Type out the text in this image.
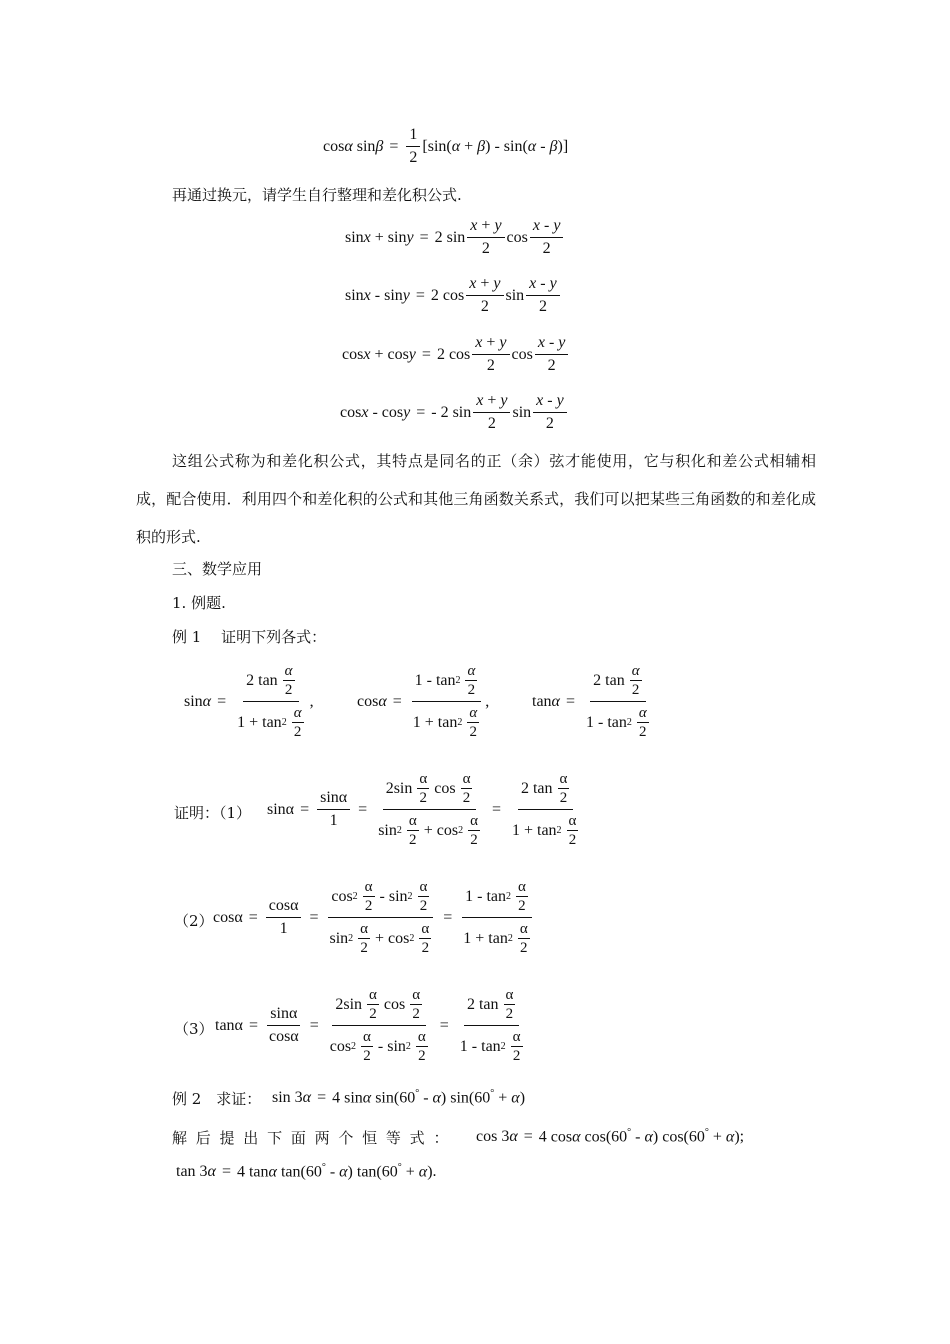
cosα $\sin\beta = \frac{1}{2} [\sin(\alpha + \beta) - \sin(\alpha - \beta)]$
再通过换元，请学生自行整理和差化积公式.
sinx + siny = 2 $\sin \frac{x + y}{2}$ $\cos \frac{x - y}{2}$
sinx - siny = 2 $\cos \frac{x + y}{2}$ $\sin \frac{x - y}{2}$
cosx + cosy = 2 $\cos \frac{x + y}{2}$ $\cos \frac{x - y}{2}$
cosx - cosy = - 2 $\sin \frac{x + y}{2}$ $\sin \frac{x - y}{2}$
这组公式称为和差化积公式，其特点是同名的正（余）弦才能使用，它与积化和差公式相辅相成，配合使用．利用四个和差化积的公式和其他三角函数关系式，我们可以把某些三角函数的和差化成积的形式.
三、数学应用
1. 例题.
例 1　 证明下列各式：
sinα = 2 tan
α
2
1 + tan 2

α
2 ,	cosα = 1 - tan 2

α
2
1 + tan 2

α
2 ,	tanα = 2 tan
α
2
1 - tan 2

α
2
证明：（1） $\sin\alpha = \frac{\sin\alpha}{1} = 2\sin$
α
2
cos
α
2
sin 2

α
2
+ cos 2

α
2 = 2 tan
α
2
1 + tan 2

α
2
（2） $\cos\alpha = \frac{\cos\alpha}{1} = \cos 2$

α
2
- sin 2

α
2
sin 2

α
2
+ cos 2

α
2 = 1 - tan 2

α
2
1 + tan 2

α
2
（3） $\tan\alpha = \frac{\sin\alpha}{\cos\alpha} = 2\sin$
α
2
cos
α
2
cos 2

α
2
- sin 2

α
2 = 2 tan
α
2
1 - tan 2

α
2
例 2　求证： sin 3α = 4 sinα sin(60° - α) sin(60° + α)
解 后 提 出 下 面 两 个 恒 等 式 ： cos 3α = 4 cosα cos(60° - α) cos(60° + α) ;
tan 3α = 4 tanα tan(60° - α) tan(60° + α) .
